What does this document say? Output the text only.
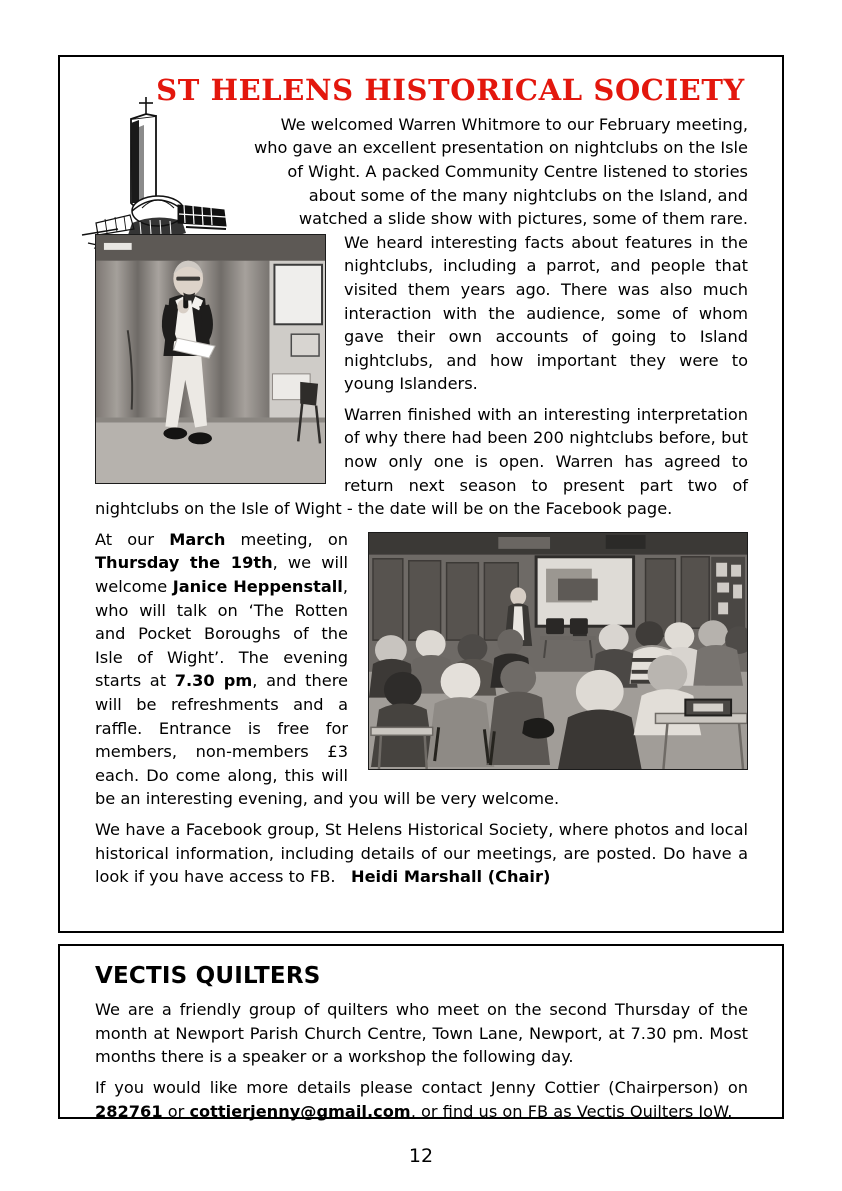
ST HELENS HISTORICAL SOCIETY

We welcomed Warren Whitmore to our February meeting,

who gave an excellent presentation on nightclubs on the Isle

of Wight. A packed Community Centre listened to stories

about some of the many nightclubs on the Island, and

watched a slide show with pictures, some of them rare.

We heard interesting facts about features in the nightclubs, including a parrot, and people that visited them years ago. There was also much interaction with the audience, some of whom gave their own accounts of going to Island nightclubs, and how important they were to young Islanders.

Warren finished with an interesting interpretation of why there had been 200 nightclubs before, but now only one is open. Warren has agreed to return next season to present part two of nightclubs on the Isle of Wight - the date will be on the Facebook page.

At our March meeting, on Thursday the 19th, we will welcome Janice Heppenstall, who will talk on ‘The Rotten and Pocket Boroughs of the Isle of Wight’. The evening starts at 7.30 pm, and there will be refreshments and a raffle. Entrance is free for members, non-members £3 each. Do come along, this will be an interesting evening, and you will be very welcome.

We have a Facebook group, St Helens Historical Society, where photos and local historical information, including details of our meetings, are posted. Do have a look if you have access to FB.   Heidi Marshall (Chair)

VECTIS QUILTERS

We are a friendly group of quilters who meet on the second Thursday of the month at Newport Parish Church Centre, Town Lane, Newport, at 7.30 pm. Most months there is a speaker or a workshop the following day.

If you would like more details please contact Jenny Cottier (Chairperson) on 282761 or cottierjenny@gmail.com, or find us on FB as Vectis Quilters IoW.

12
